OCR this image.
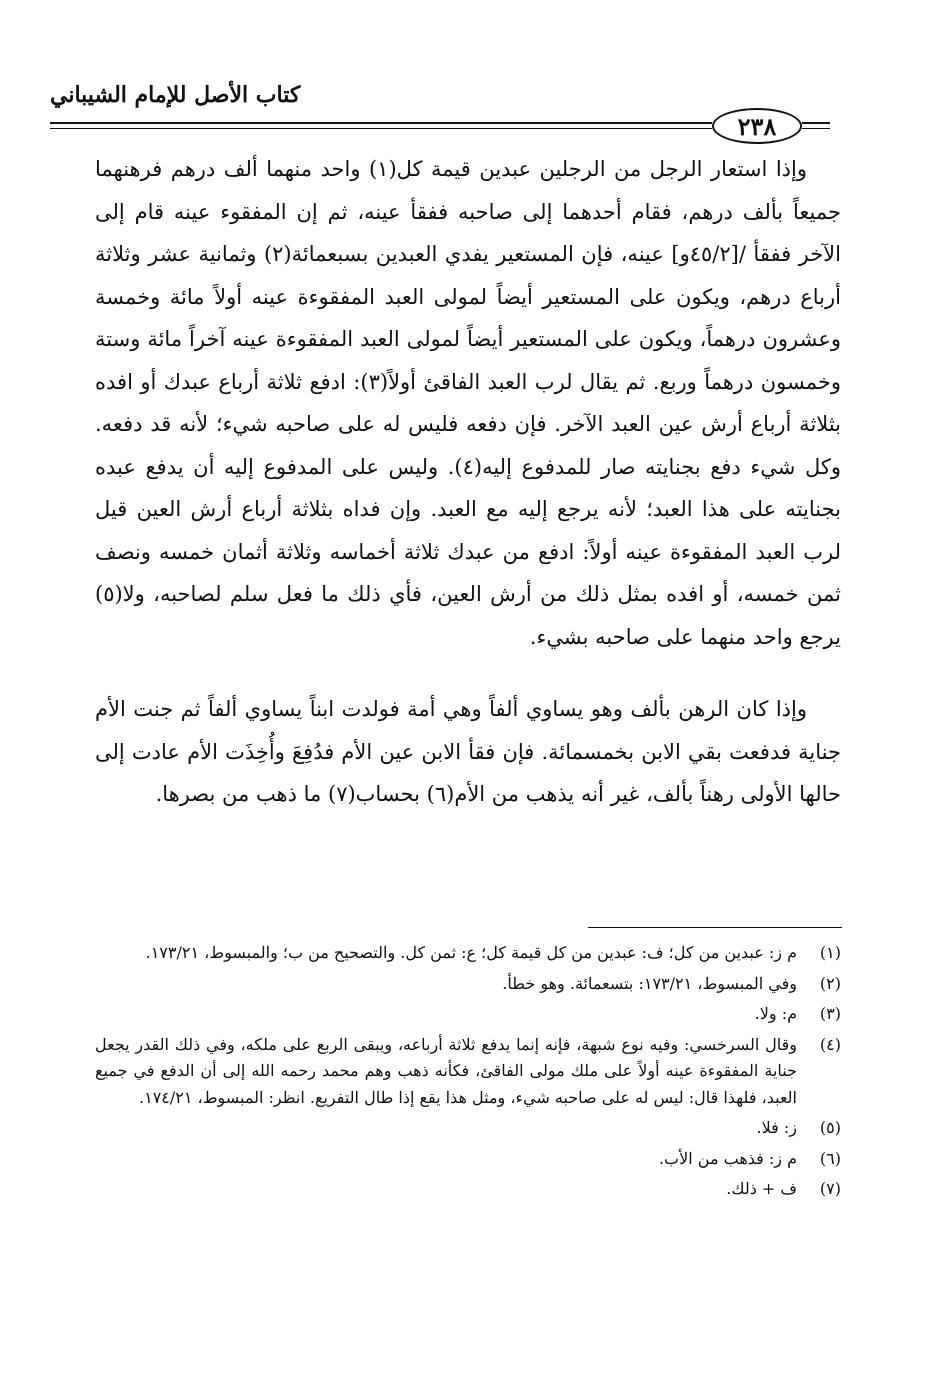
كتاب الأصل للإمام الشيباني
٢٣٨

وإذا استعار الرجل من الرجلين عبدين قيمة كل(١) واحد منهما ألف درهم فرهنهما جميعاً بألف درهم، فقام أحدهما إلى صاحبه ففقأ عينه، ثم إن المفقوء عينه قام إلى الآخر ففقأ /[٤٥/٢و] عينه، فإن المستعير يفدي العبدين بسبعمائة(٢) وثمانية عشر وثلاثة أرباع درهم، ويكون على المستعير أيضاً لمولى العبد المفقوءة عينه أولاً مائة وخمسة وعشرون درهماً، ويكون على المستعير أيضاً لمولى العبد المفقوءة عينه آخراً مائة وستة وخمسون درهماً وربع. ثم يقال لرب العبد الفاقئ أولاً(٣): ادفع ثلاثة أرباع عبدك أو افده بثلاثة أرباع أرش عين العبد الآخر. فإن دفعه فليس له على صاحبه شيء؛ لأنه قد دفعه. وكل شيء دفع بجنايته صار للمدفوع إليه(٤). وليس على المدفوع إليه أن يدفع عبده بجنايته على هذا العبد؛ لأنه يرجع إليه مع العبد. وإن فداه بثلاثة أرباع أرش العين قيل لرب العبد المفقوءة عينه أولاً: ادفع من عبدك ثلاثة أخماسه وثلاثة أثمان خمسه ونصف ثمن خمسه، أو افده بمثل ذلك من أرش العين، فأي ذلك ما فعل سلم لصاحبه، ولا(٥) يرجع واحد منهما على صاحبه بشيء.

وإذا كان الرهن بألف وهو يساوي ألفاً وهي أمة فولدت ابناً يساوي ألفاً ثم جنت الأم جناية فدفعت بقي الابن بخمسمائة. فإن فقأ الابن عين الأم فدُفِعَ وأُخِذَت الأم عادت إلى حالها الأولى رهناً بألف، غير أنه يذهب من الأم(٦) بحساب(٧) ما ذهب من بصرها.

(١)
م ز: عبدين من كل؛ ف: عبدين من كل قيمة كل؛ ع: ثمن كل. والتصحيح من ب؛ والمبسوط، ١٧٣/٢١.
(٢)
وفي المبسوط، ١٧٣/٢١: بتسعمائة. وهو خطأ.
(٣)
م: ولا.
(٤)
وقال السرخسي: وفيه نوع شبهة، فإنه إنما يدفع ثلاثة أرباعه، ويبقى الربع على ملكه، وفي ذلك القدر يجعل جناية المفقوءة عينه أولاً على ملك مولى الفاقئ، فكأنه ذهب وهم محمد رحمه الله إلى أن الدفع في جميع العبد، فلهذا قال: ليس له على صاحبه شيء، ومثل هذا يقع إذا طال التفريع. انظر: المبسوط، ١٧٤/٢١.
(٥)
ز: فلا.
(٦)
م ز: فذهب من الأب.
(٧)
ف + ذلك.
